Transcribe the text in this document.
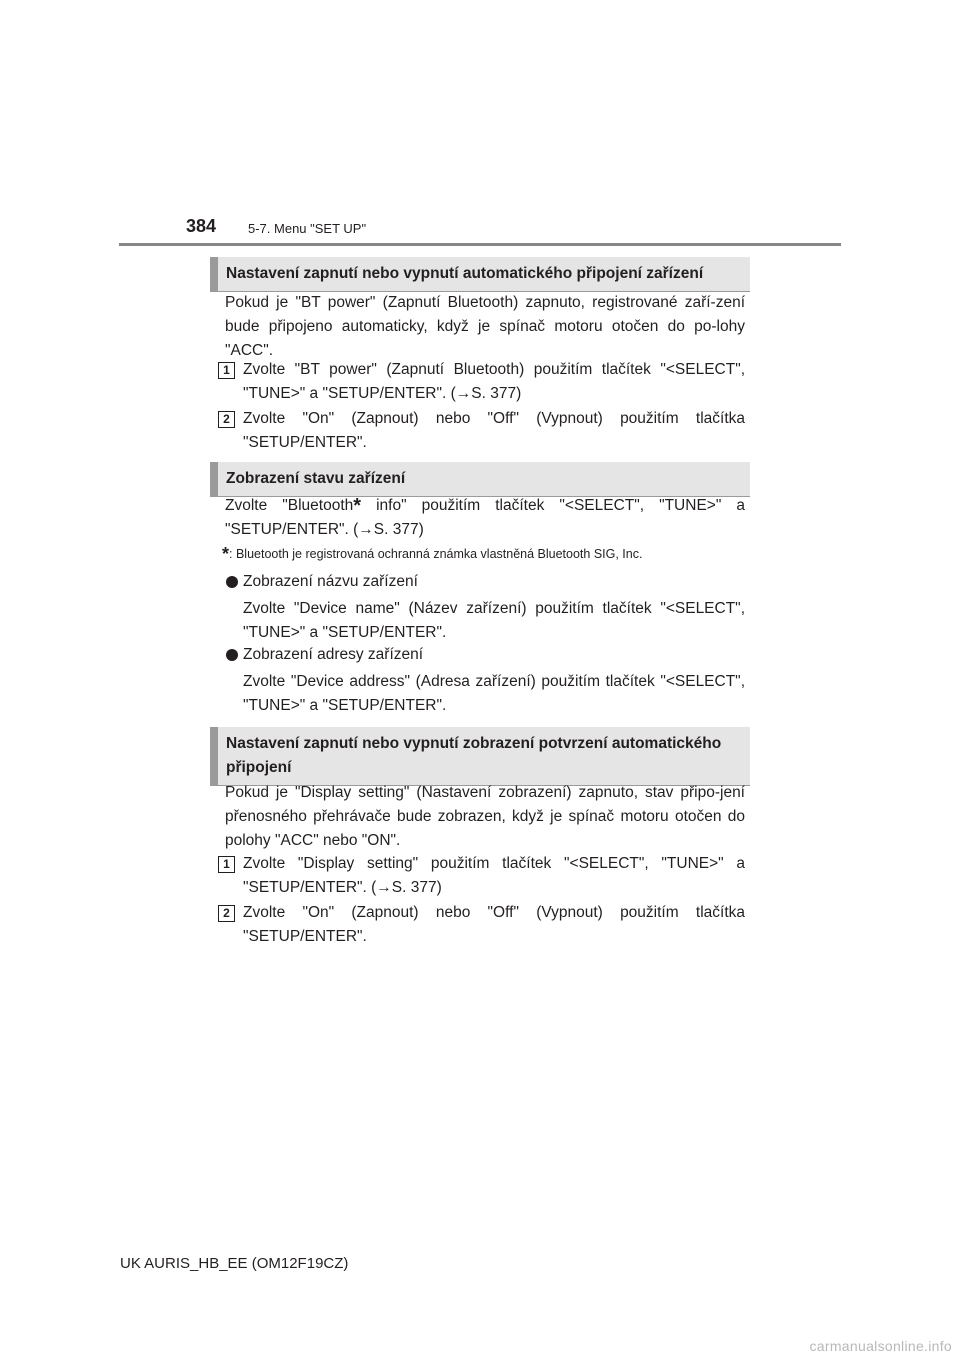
384 5-7. Menu "SET UP"
Nastavení zapnutí nebo vypnutí automatického připojení zařízení

Pokud je "BT power" (Zapnutí Bluetooth) zapnuto, registrované zaří-zení bude připojeno automaticky, když je spínač motoru otočen do po-lohy "ACC".

1 Zvolte "BT power" (Zapnutí Bluetooth) použitím tlačítek "<SELECT", "TUNE>" a "SETUP/ENTER". (→S. 377)

2 Zvolte "On" (Zapnout) nebo "Off" (Vypnout) použitím tlačítka "SETUP/ENTER".

Zobrazení stavu zařízení

Zvolte "Bluetooth* info" použitím tlačítek "<SELECT", "TUNE>" a "SETUP/ENTER". (→S. 377)

*: Bluetooth je registrovaná ochranná známka vlastněná Bluetooth SIG, Inc.
Zobrazení názvu zařízení

Zvolte "Device name" (Název zařízení) použitím tlačítek "<SELECT", "TUNE>" a "SETUP/ENTER".

Zobrazení adresy zařízení

Zvolte "Device address" (Adresa zařízení) použitím tlačítek "<SELECT", "TUNE>" a "SETUP/ENTER".

Nastavení zapnutí nebo vypnutí zobrazení potvrzení automatického připojení

Pokud je "Display setting" (Nastavení zobrazení) zapnuto, stav připo-jení přenosného přehrávače bude zobrazen, když je spínač motoru otočen do polohy "ACC" nebo "ON".

1 Zvolte "Display setting" použitím tlačítek "<SELECT", "TUNE>" a "SETUP/ENTER". (→S. 377)

2 Zvolte "On" (Zapnout) nebo "Off" (Vypnout) použitím tlačítka "SETUP/ENTER".

UK AURIS_HB_EE (OM12F19CZ)
carmanualsonline.info
